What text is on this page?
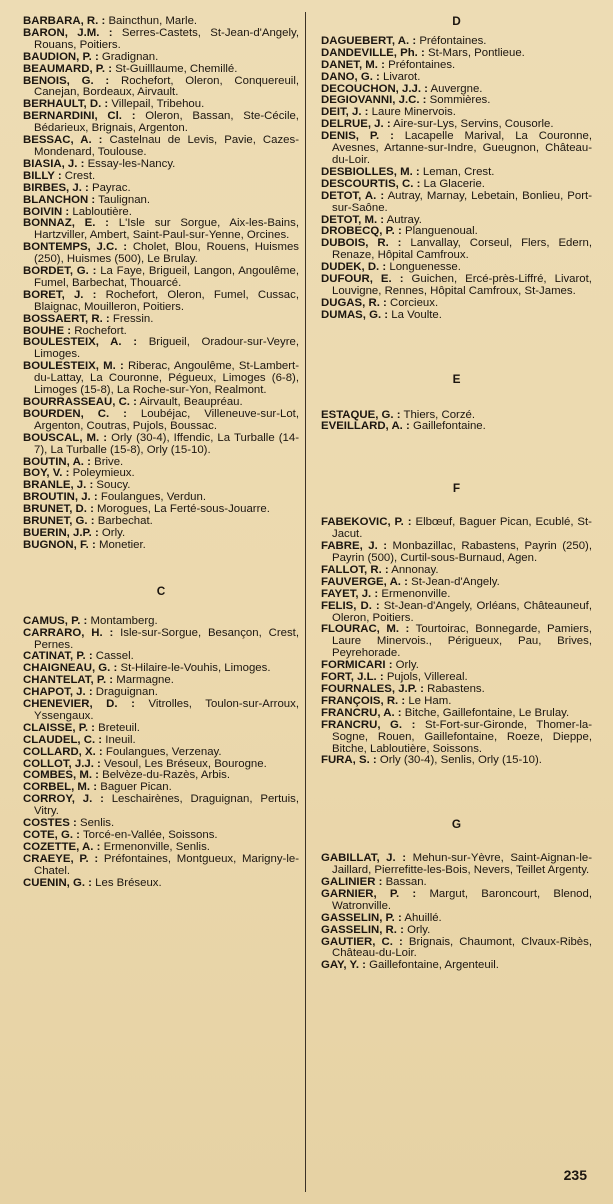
BARBARA, R. : Baincthun, Marle.

BARON, J.M. : Serres-Castets, St-Jean-d'Angely, Rouans, Poitiers.

BAUDION, P. : Gradignan.

BEAUMARD, P. : St-Guilllaume, Chemillé.

BENOIS, G. : Rochefort, Oleron, Conquereuil, Canejan, Bordeaux, Airvault.

BERHAULT, D. : Villepail, Tribehou.

BERNARDINI, Cl. : Oleron, Bassan, Ste-Cécile, Bédarieux, Brignais, Argenton.

BESSAC, A. : Castelnau de Levis, Pavie, Cazes-Mondenard, Toulouse.

BIASIA, J. : Essay-les-Nancy.

BILLY : Crest.

BIRBES, J. : Payrac.

BLANCHON : Taulignan.

BOIVIN : Labloutière.

BONNAZ, E. : L'Isle sur Sorgue, Aix-les-Bains, Hartzviller, Ambert, Saint-Paul-sur-Yenne, Orcines.

BONTEMPS, J.C. : Cholet, Blou, Rouens, Huismes (250), Huismes (500), Le Brulay.

BORDET, G. : La Faye, Brigueil, Langon, Angoulême, Fumel, Barbechat, Thouarcé.

BORET, J. : Rochefort, Oleron, Fumel, Cussac, Blaignac, Mouilleron, Poitiers.

BOSSAERT, R. : Fressin.

BOUHE : Rochefort.

BOULESTEIX, A. : Brigueil, Oradour-sur-Veyre, Limoges.

BOULESTEIX, M. : Riberac, Angoulême, St-Lambert-du-Lattay, La Couronne, Pégueux, Limoges (6-8), Limoges (15-8), La Roche-sur-Yon, Realmont.

BOURRASSEAU, C. : Airvault, Beaupréau.

BOURDEN, C. : Loubéjac, Villeneuve-sur-Lot, Argenton, Coutras, Pujols, Boussac.

BOUSCAL, M. : Orly (30-4), Iffendic, La Turballe (14-7), La Turballe (15-8), Orly (15-10).

BOUTIN, A. : Brive.

BOY, V. : Poleymieux.

BRANLE, J. : Soucy.

BROUTIN, J. : Foulangues, Verdun.

BRUNET, D. : Morogues, La Ferté-sous-Jouarre.

BRUNET, G. : Barbechat.

BUERIN, J.P. : Orly.

BUGNON, F. : Monetier.

C

CAMUS, P. : Montamberg.

CARRARO, H. : Isle-sur-Sorgue, Besançon, Crest, Pernes.

CATINAT, P. : Cassel.

CHAIGNEAU, G. : St-Hilaire-le-Vouhis, Limoges.

CHANTELAT, P. : Marmagne.

CHAPOT, J. : Draguignan.

CHENEVIER, D. : Vitrolles, Toulon-sur-Arroux, Yssengaux.

CLAISSE, P. : Breteuil.

CLAUDEL, C. : Ineuil.

COLLARD, X. : Foulangues, Verzenay.

COLLOT, J.J. : Vesoul, Les Bréseux, Bourogne.

COMBES, M. : Belvèze-du-Razès, Arbis.

CORBEL, M. : Baguer Pican.

CORROY, J. : Leschairènes, Draguignan, Pertuis, Vitry.

COSTES : Senlis.

COTE, G. : Torcé-en-Vallée, Soissons.

COZETTE, A. : Ermenonville, Senlis.

CRAEYE, P. : Préfontaines, Montgueux, Marigny-le-Chatel.

CUENIN, G. : Les Bréseux.

D

DAGUEBERT, A. : Préfontaines.

DANDEVILLE, Ph. : St-Mars, Pontlieue.

DANET, M. : Préfontaines.

DANO, G. : Livarot.

DECOUCHON, J.J. : Auvergne.

DEGIOVANNI, J.C. : Sommières.

DEIT, J. : Laure Minervois.

DELRUE, J. : Aire-sur-Lys, Servins, Cousorle.

DENIS, P. : Lacapelle Marival, La Couronne, Avesnes, Artanne-sur-Indre, Gueugnon, Château-du-Loir.

DESBIOLLES, M. : Leman, Crest.

DESCOURTIS, C. : La Glacerie.

DETOT, A. : Autray, Marnay, Lebetain, Bonlieu, Port-sur-Saône.

DETOT, M. : Autray.

DROBECQ, P. : Planguenoual.

DUBOIS, R. : Lanvallay, Corseul, Flers, Edern, Renaze, Hôpital Camfroux.

DUDEK, D. : Longuenesse.

DUFOUR, E. : Guichen, Ercé-près-Liffré, Livarot, Louvigne, Rennes, Hôpital Camfroux, St-James.

DUGAS, R. : Corcieux.

DUMAS, G. : La Voulte.

E

ESTAQUE, G. : Thiers, Corzé.

EVEILLARD, A. : Gaillefontaine.

F

FABEKOVIC, P. : Elbœuf, Baguer Pican, Ecublé, St-Jacut.

FABRE, J. : Monbazillac, Rabastens, Payrin (250), Payrin (500), Curtil-sous-Burnaud, Agen.

FALLOT, R. : Annonay.

FAUVERGE, A. : St-Jean-d'Angely.

FAYET, J. : Ermenonville.

FELIS, D. : St-Jean-d'Angely, Orléans, Châteauneuf, Oleron, Poitiers.

FLOURAC, M. : Tourtoirac, Bonnegarde, Pamiers, Laure Minervois., Périgueux, Pau, Brives, Peyrehorade.

FORMICARI : Orly.

FORT, J.L. : Pujols, Villereal.

FOURNALES, J.P. : Rabastens.

FRANÇOIS, R. : Le Ham.

FRANCRU, A. : Bitche, Gaillefontaine, Le Brulay.

FRANCRU, G. : St-Fort-sur-Gironde, Thomer-la-Sogne, Rouen, Gaillefontaine, Roeze, Dieppe, Bitche, Labloutière, Soissons.

FURA, S. : Orly (30-4), Senlis, Orly (15-10).

G

GABILLAT, J. : Mehun-sur-Yèvre, Saint-Aignan-le-Jaillard, Pierrefitte-les-Bois, Nevers, Teillet Argenty.

GALINIER : Bassan.

GARNIER, P. : Margut, Baroncourt, Blenod, Watronville.

GASSELIN, P. : Ahuillé.

GASSELIN, R. : Orly.

GAUTIER, C. : Brignais, Chaumont, Clvaux-Ribès, Château-du-Loir.

GAY, Y. : Gaillefontaine, Argenteuil.

235
